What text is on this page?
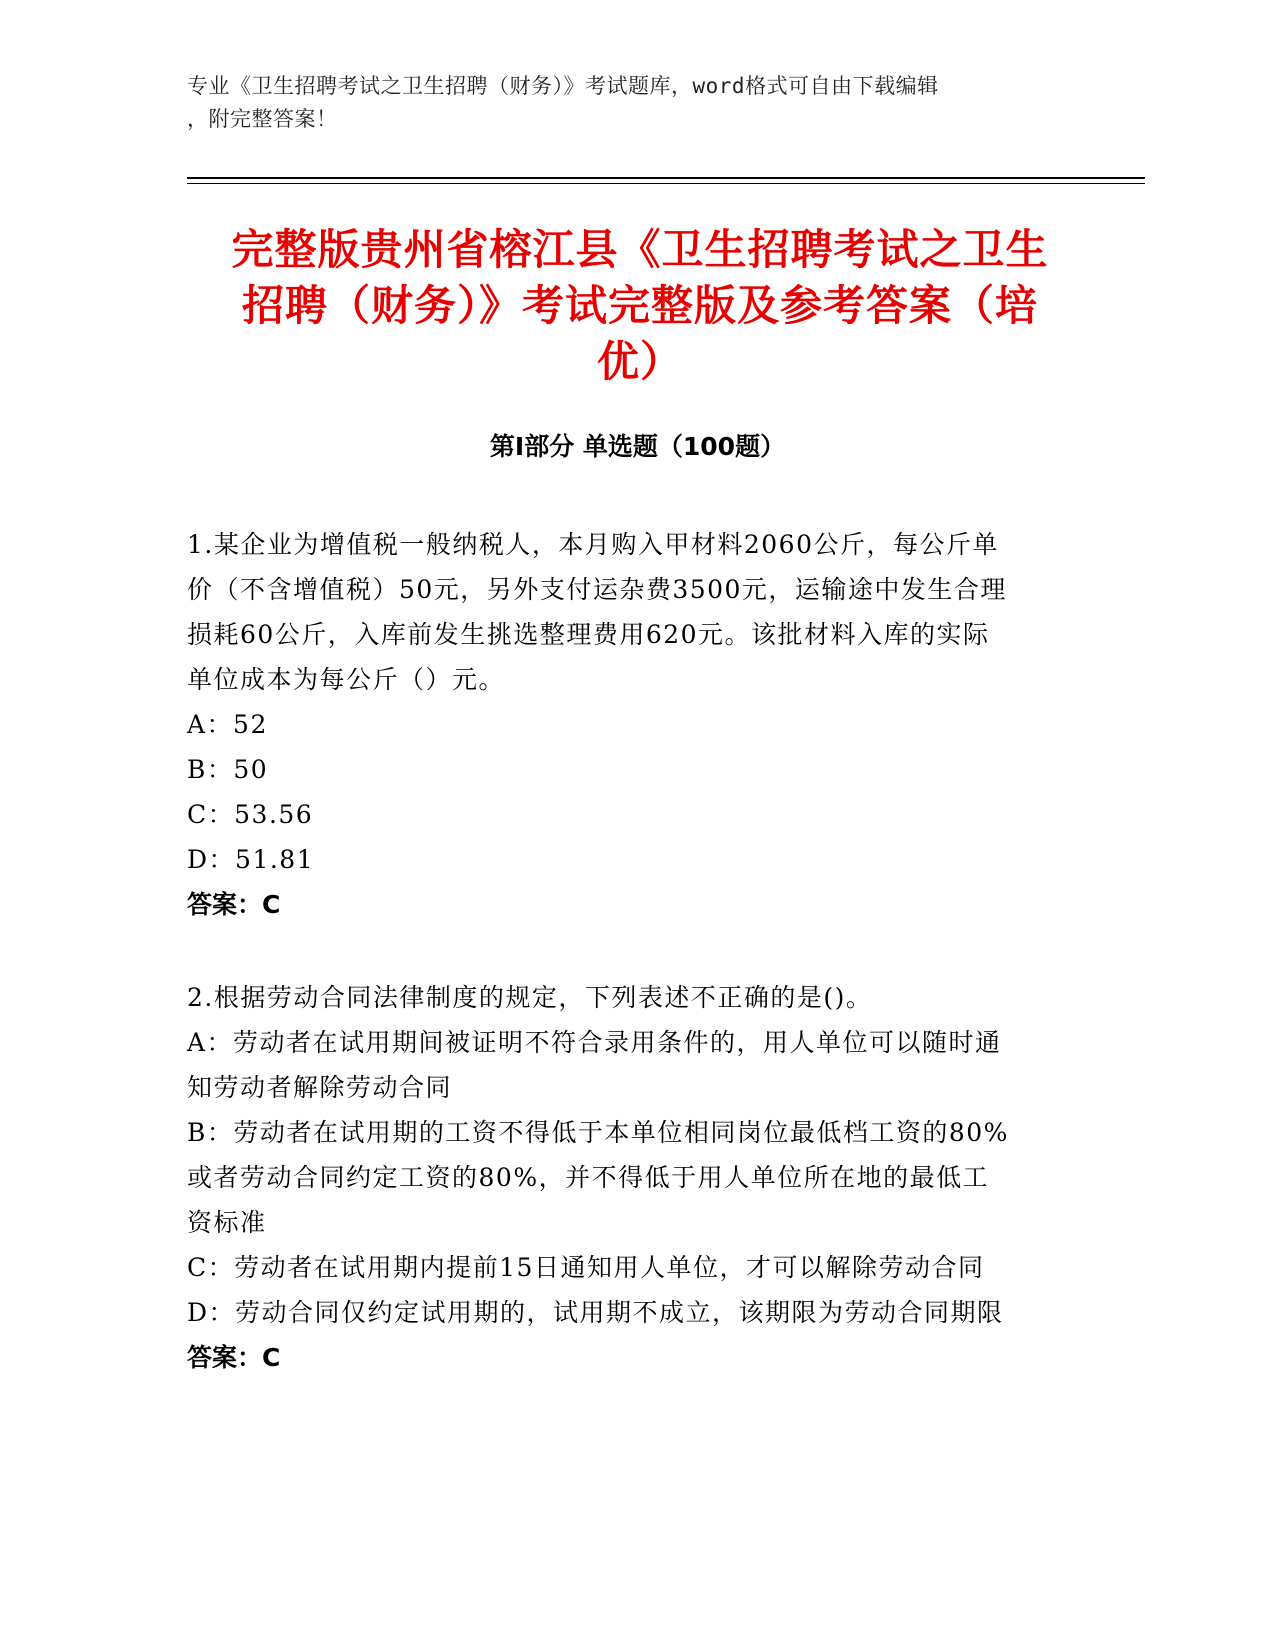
专业《卫生招聘考试之卫生招聘（财务）》考试题库，word格式可自由下载编辑
，附完整答案！
完整版贵州省榕江县《卫生招聘考试之卫生
招聘（财务）》考试完整版及参考答案（培
优）
第Ⅰ部分 单选题（100题）

1.某企业为增值税一般纳税人，本月购入甲材料2060公斤，每公斤单

价（不含增值税）50元，另外支付运杂费3500元，运输途中发生合理

损耗60公斤，入库前发生挑选整理费用620元。该批材料入库的实际

单位成本为每公斤（）元。

A：52

B：50

C：53.56

D：51.81

答案：C

2.根据劳动合同法律制度的规定，下列表述不正确的是()。

A：劳动者在试用期间被证明不符合录用条件的，用人单位可以随时通

知劳动者解除劳动合同

B：劳动者在试用期的工资不得低于本单位相同岗位最低档工资的80%

或者劳动合同约定工资的80%，并不得低于用人单位所在地的最低工

资标准

C：劳动者在试用期内提前15日通知用人单位，才可以解除劳动合同

D：劳动合同仅约定试用期的，试用期不成立，该期限为劳动合同期限

答案：C
